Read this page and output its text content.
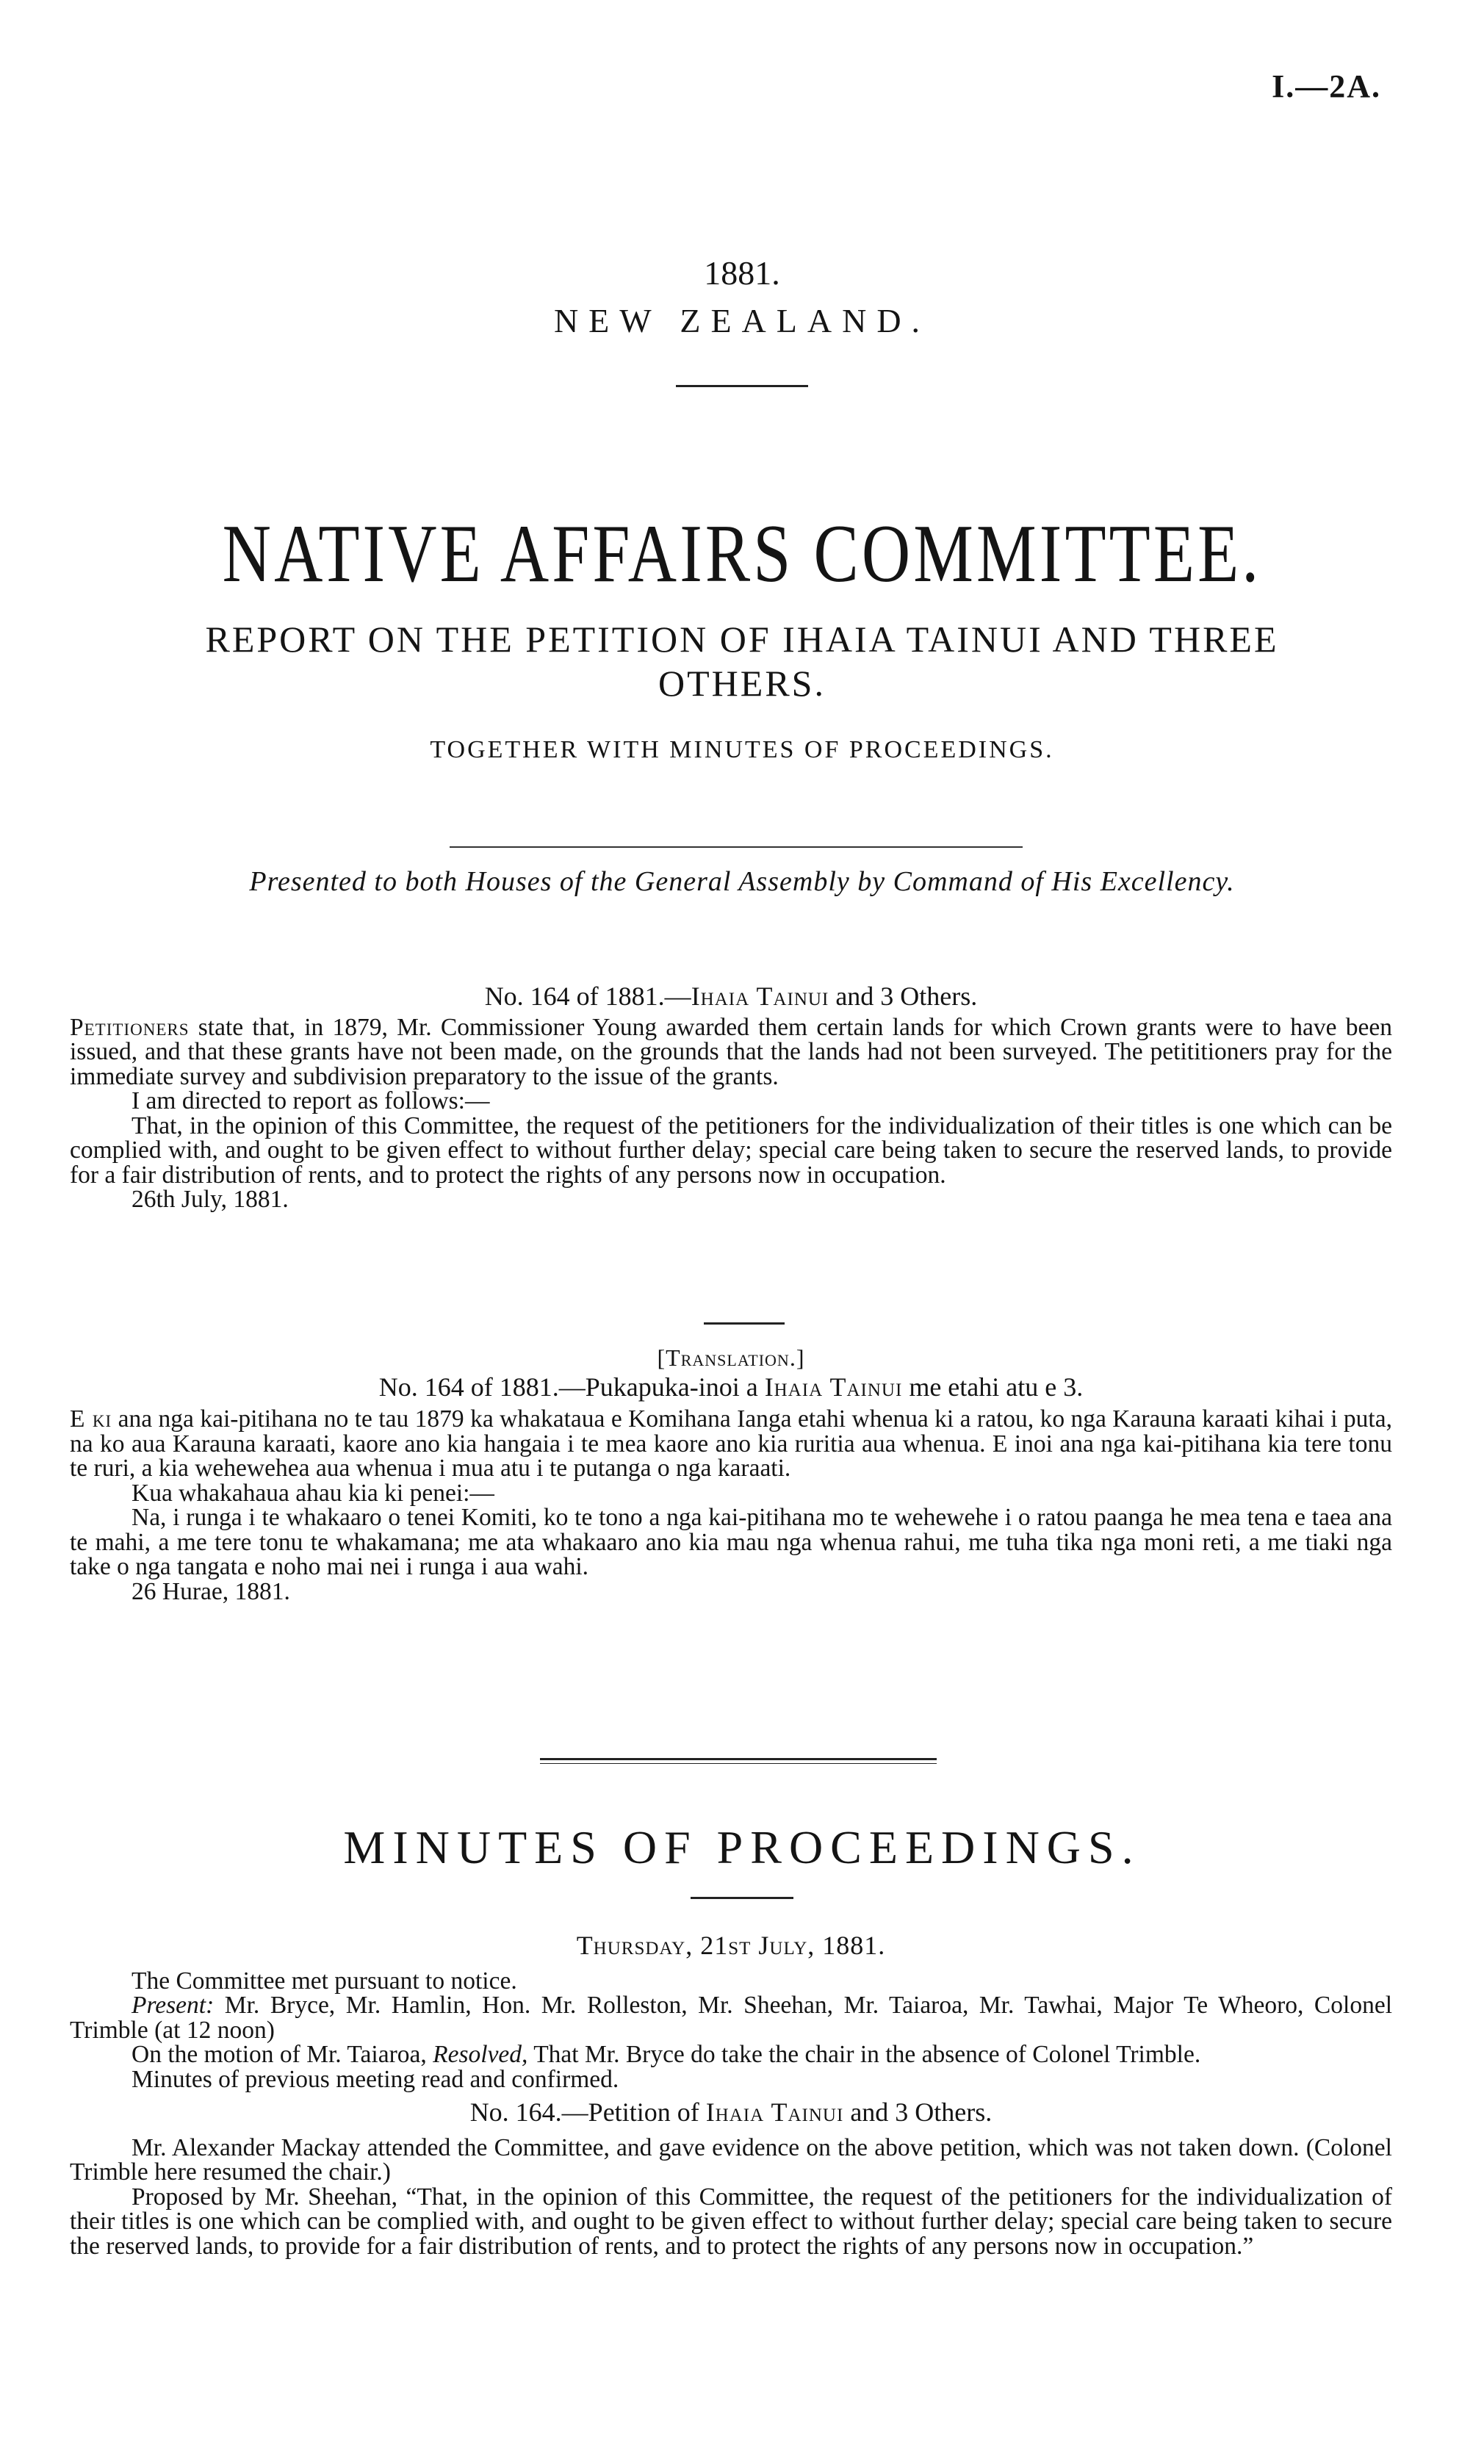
I.—2A.
1881.
NEW ZEALAND.
NATIVE AFFAIRS COMMITTEE.
REPORT ON THE PETITION OF IHAIA TAINUI AND THREE
OTHERS.
TOGETHER WITH MINUTES OF PROCEEDINGS.
Presented to both Houses of the General Assembly by Command of His Excellency.
No. 164 of 1881.—Ihaia Tainui and 3 Others.

Petitioners state that, in 1879, Mr. Commissioner Young awarded them certain lands for which Crown grants were to have been issued, and that these grants have not been made, on the grounds that the lands had not been surveyed. The petititioners pray for the immediate survey and subdivision preparatory to the issue of the grants.

I am directed to report as follows:—

That, in the opinion of this Committee, the request of the petitioners for the individualization of their titles is one which can be complied with, and ought to be given effect to without further delay; special care being taken to secure the reserved lands, to provide for a fair distribution of rents, and to protect the rights of any persons now in occupation.

26th July, 1881.

[Translation.]
No. 164 of 1881.—Pukapuka-inoi a Ihaia Tainui me etahi atu e 3.

E ki ana nga kai-pitihana no te tau 1879 ka whakataua e Komihana Ianga etahi whenua ki a ratou, ko nga Karauna karaati kihai i puta, na ko aua Karauna karaati, kaore ano kia hangaia i te mea kaore ano kia ruritia aua whenua. E inoi ana nga kai-pitihana kia tere tonu te ruri, a kia wehewehea aua whenua i mua atu i te putanga o nga karaati.

Kua whakahaua ahau kia ki penei:—

Na, i runga i te whakaaro o tenei Komiti, ko te tono a nga kai-pitihana mo te wehewehe i o ratou paanga he mea tena e taea ana te mahi, a me tere tonu te whakamana; me ata whakaaro ano kia mau nga whenua rahui, me tuha tika nga moni reti, a me tiaki nga take o nga tangata e noho mai nei i runga i aua wahi.

26 Hurae, 1881.

MINUTES OF PROCEEDINGS.
Thursday, 21st July, 1881.

The Committee met pursuant to notice.

Present: Mr. Bryce, Mr. Hamlin, Hon. Mr. Rolleston, Mr. Sheehan, Mr. Taiaroa, Mr. Tawhai, Major Te Wheoro, Colonel Trimble (at 12 noon)

On the motion of Mr. Taiaroa, Resolved, That Mr. Bryce do take the chair in the absence of Colonel Trimble.

Minutes of previous meeting read and confirmed.

No. 164.—Petition of Ihaia Tainui and 3 Others.

Mr. Alexander Mackay attended the Committee, and gave evidence on the above petition, which was not taken down. (Colonel Trimble here resumed the chair.)

Proposed by Mr. Sheehan, “That, in the opinion of this Committee, the request of the petitioners for the individualization of their titles is one which can be complied with, and ought to be given effect to without further delay; special care being taken to secure the reserved lands, to provide for a fair distribution of rents, and to protect the rights of any persons now in occupation.”
